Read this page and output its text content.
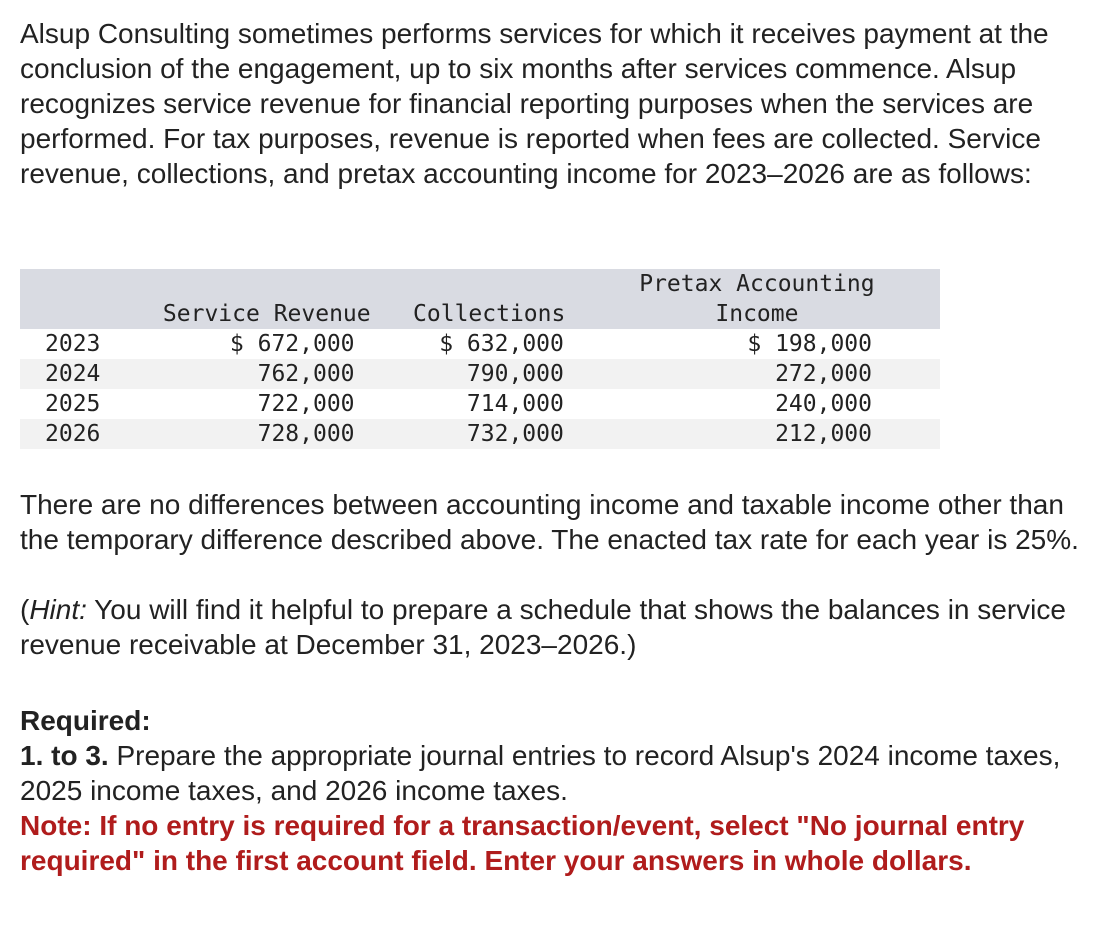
Alsup Consulting sometimes performs services for which it receives payment at the conclusion of the engagement, up to six months after services commence. Alsup recognizes service revenue for financial reporting purposes when the services are performed. For tax purposes, revenue is reported when fees are collected. Service revenue, collections, and pretax accounting income for 2023–2026 are as follows:

	Service Revenue	Collections	Pretax Accounting
Income
2023	$ 672,000	$ 632,000	$ 198,000
2024	762,000	790,000	272,000
2025	722,000	714,000	240,000
2026	728,000	732,000	212,000

There are no differences between accounting income and taxable income other than the temporary difference described above. The enacted tax rate for each year is 25%.

(Hint: You will find it helpful to prepare a schedule that shows the balances in service revenue receivable at December 31, 2023–2026.)

Required:

1. to 3. Prepare the appropriate journal entries to record Alsup's 2024 income taxes, 2025 income taxes, and 2026 income taxes.

Note: If no entry is required for a transaction/event, select "No journal entry required" in the first account field. Enter your answers in whole dollars.
